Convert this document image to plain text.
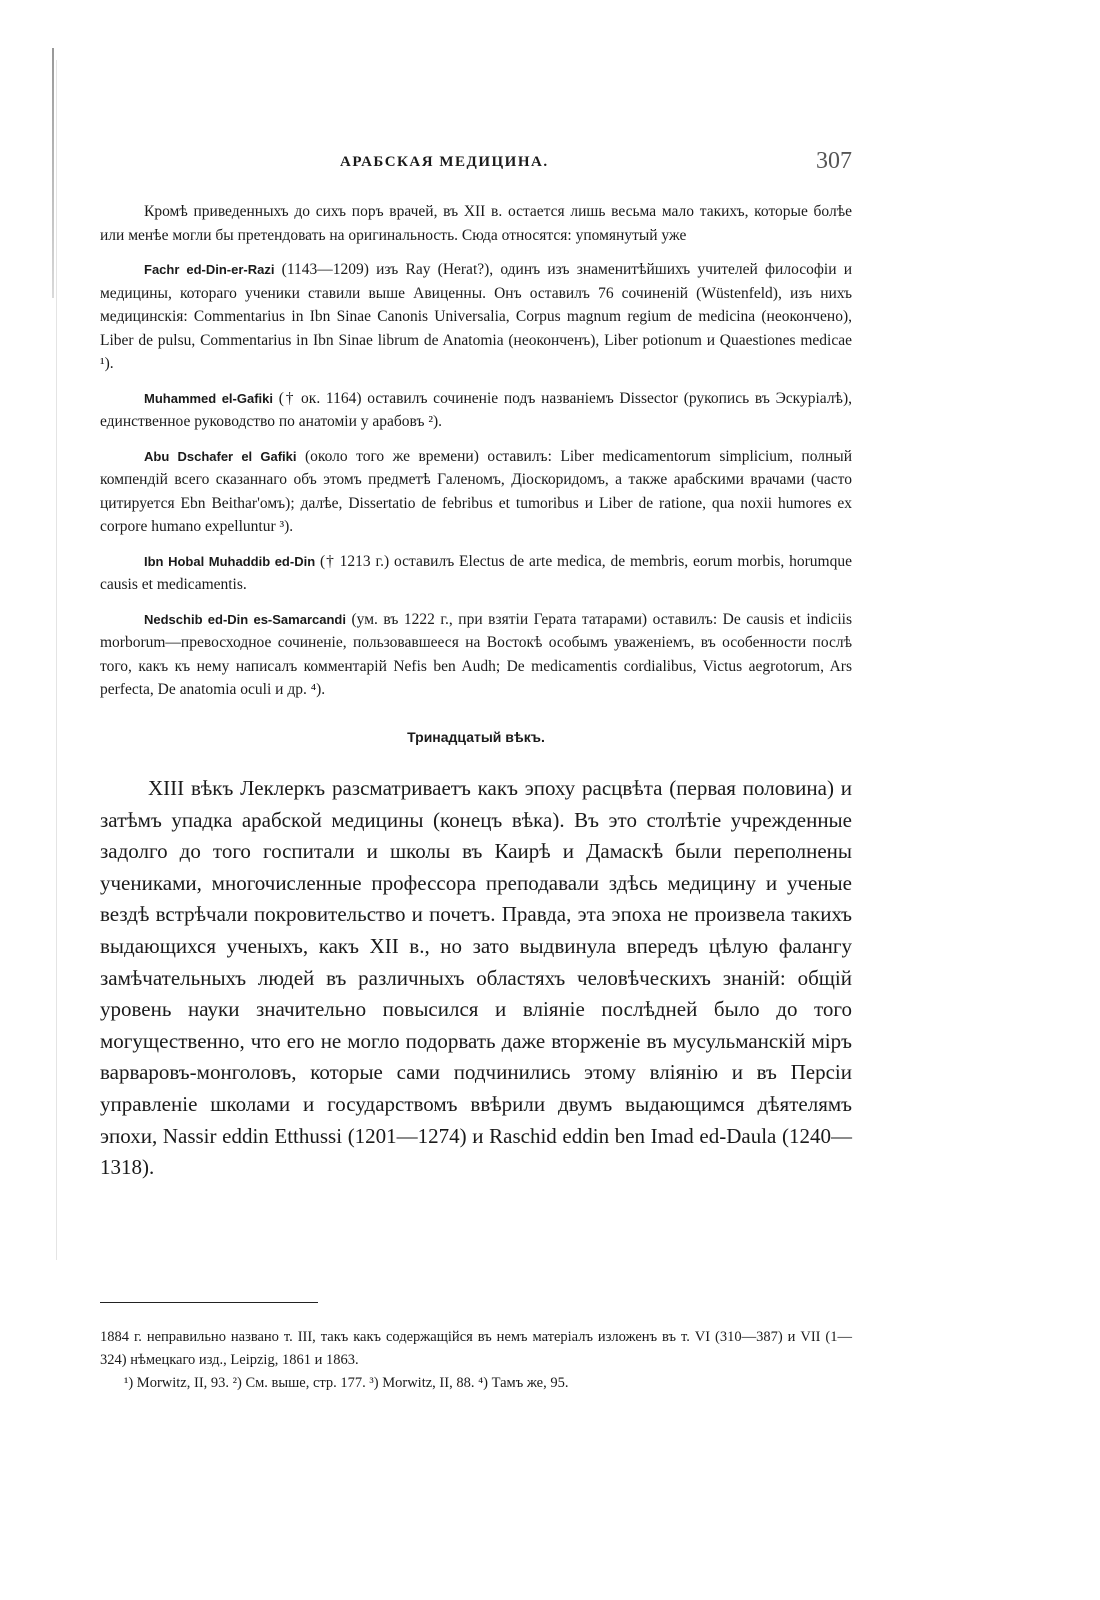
АРАБСКАЯ МЕДИЦИНА.	307

Кромѣ приведенныхъ до сихъ поръ врачей, въ XII в. остается лишь весьма мало такихъ, которые болѣе или менѣе могли бы претендовать на оригинальность. Сюда относятся: упомянутый уже

Fachr ed-Din-er-Razi (1143—1209) изъ Ray (Herat?), одинъ изъ знаменитѣйшихъ учителей философіи и медицины, котораго ученики ставили выше Авиценны. Онъ оставилъ 76 сочиненій (Wüstenfeld), изъ нихъ медицинскія: Commentarius in Ibn Sinae Canonis Universalia, Corpus magnum regium de medicina (неокончено), Liber de pulsu, Commentarius in Ibn Sinae librum de Anatomia (неоконченъ), Liber potionum и Quaestiones medicae ¹).

Muhammed el-Gafiki († ок. 1164) оставилъ сочиненіе подъ названіемъ Dissector (рукопись въ Эскуріалѣ), единственное руководство по анатоміи у арабовъ ²).

Abu Dschafer el Gafiki (около того же времени) оставилъ: Liber medicamentorum simplicium, полный компендій всего сказаннаго объ этомъ предметѣ Галеномъ, Діоскоридомъ, а также арабскими врачами (часто цитируется Ebn Beithar'омъ); далѣе, Dissertatio de febribus et tumoribus и Liber de ratione, qua noxii humores ex corpore humano expelluntur ³).

Ibn Hobal Muhaddib ed-Din († 1213 г.) оставилъ Electus de arte medica, de membris, eorum morbis, horumque causis et medicamentis.

Nedschib ed-Din es-Samarcandi (ум. въ 1222 г., при взятіи Герата татарами) оставилъ: De causis et indiciis morborum—превосходное сочиненіе, пользовавшееся на Востокѣ особымъ уваженіемъ, въ особенности послѣ того, какъ къ нему написалъ комментарій Nefis ben Audh; De medicamentis cordialibus, Victus aegrotorum, Ars perfecta, De anatomia oculi и др. ⁴).

Тринадцатый вѣкъ.

XIII вѣкъ Леклеркъ разсматриваетъ какъ эпоху расцвѣта (первая половина) и затѣмъ упадка арабской медицины (конецъ вѣка). Въ это столѣтіе учрежденные задолго до того госпитали и школы въ Каирѣ и Дамаскѣ были переполнены учениками, многочисленные профессора преподавали здѣсь медицину и ученые вездѣ встрѣчали покровительство и почетъ. Правда, эта эпоха не произвела такихъ выдающихся ученыхъ, какъ XII в., но зато выдвинула впередъ цѣлую фалангу замѣчательныхъ людей въ различныхъ областяхъ человѣческихъ знаній: общій уровень науки значительно повысился и вліяніе послѣдней было до того могущественно, что его не могло подорвать даже вторженіе въ мусульманскій міръ варваровъ-монголовъ, которые сами подчинились этому вліянію и въ Персіи управленіе школами и государствомъ ввѣрили двумъ выдающимся дѣятелямъ эпохи, Nassir eddin Etthussi (1201—1274) и Raschid eddin ben Imad ed-Daula (1240—1318).

1884 г. неправильно названо т. III, такъ какъ содержащійся въ немъ матеріалъ изложенъ въ т. VI (310—387) и VII (1—324) нѣмецкаго изд., Leipzig, 1861 и 1863.

¹) Morwitz, II, 93. ²) См. выше, стр. 177. ³) Morwitz, II, 88. ⁴) Тамъ же, 95.
